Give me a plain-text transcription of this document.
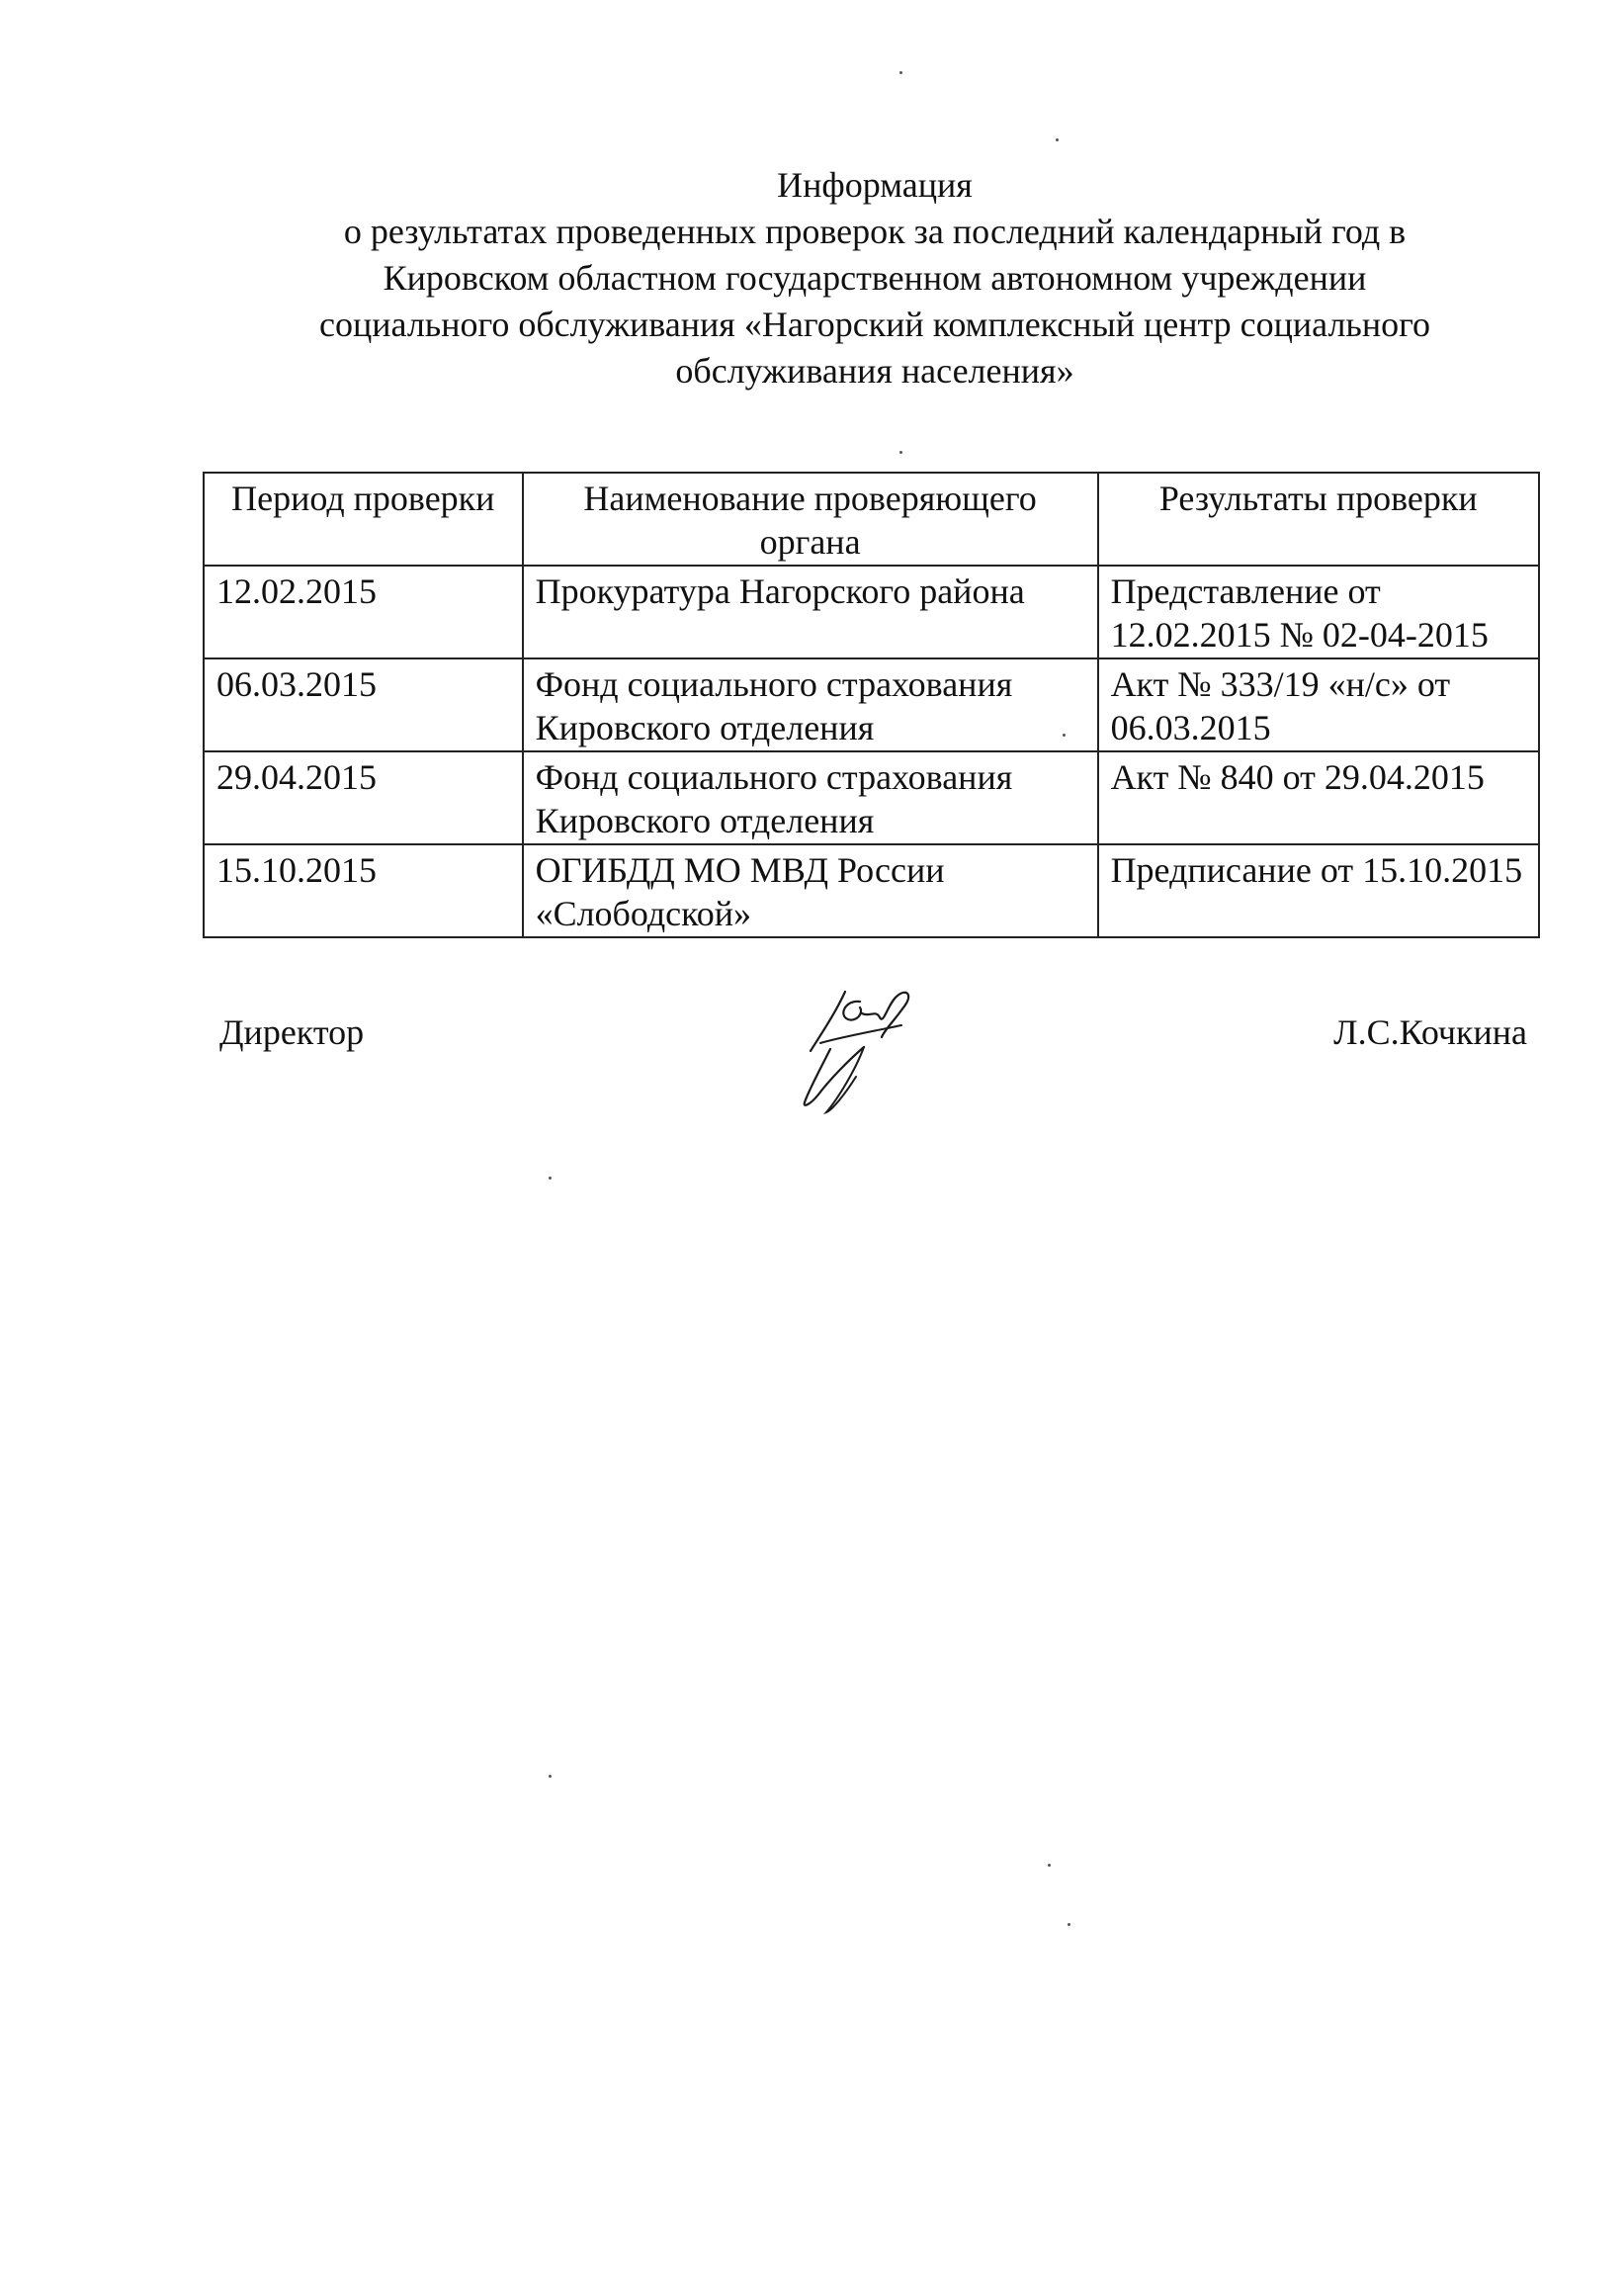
Информация
о результатах проведенных проверок за последний календарный год в
Кировском областном государственном автономном учреждении
социального обслуживания «Нагорский комплексный центр социального
обслуживания населения»
Период проверки	Наименование проверяющего органа	Результаты проверки
12.02.2015	Прокуратура Нагорского района	Представление от 12.02.2015 № 02-04-2015
06.03.2015	Фонд социального страхования Кировского отделения	Акт № 333/19 «н/с» от 06.03.2015
29.04.2015	Фонд социального страхования Кировского отделения	Акт № 840 от 29.04.2015
15.10.2015	ОГИБДД МО МВД России «Слободской»	Предписание от 15.10.2015
Директор	Л.С.Кочкина
